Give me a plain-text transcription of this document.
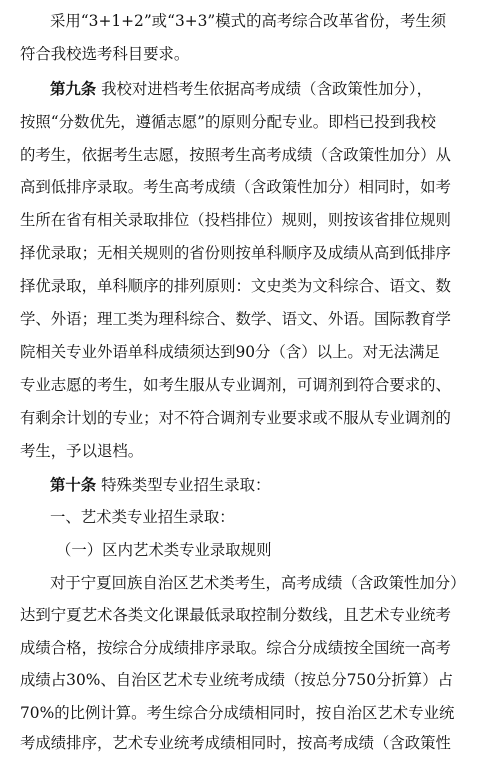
采用“3+1+2”或“3+3”模式的高考综合改革省份，考生须
符合我校选考科目要求。
第九条 我校对进档考生依据高考成绩（含政策性加分），
按照“分数优先，遵循志愿”的原则分配专业。即档已投到我校
的考生，依据考生志愿，按照考生高考成绩（含政策性加分）从
高到低排序录取。考生高考成绩（含政策性加分）相同时，如考
生所在省有相关录取排位（投档排位）规则，则按该省排位规则
择优录取；无相关规则的省份则按单科顺序及成绩从高到低排序
择优录取，单科顺序的排列原则：文史类为文科综合、语文、数
学、外语；理工类为理科综合、数学、语文、外语。国际教育学
院相关专业外语单科成绩须达到90分（含）以上。对无法满足
专业志愿的考生，如考生服从专业调剂，可调剂到符合要求的、
有剩余计划的专业；对不符合调剂专业要求或不服从专业调剂的
考生，予以退档。
第十条 特殊类型专业招生录取：
一、艺术类专业招生录取：
（一）区内艺术类专业录取规则
对于宁夏回族自治区艺术类考生，高考成绩（含政策性加分）
达到宁夏艺术各类文化课最低录取控制分数线，且艺术专业统考
成绩合格，按综合分成绩排序录取。综合分成绩按全国统一高考
成绩占30%、自治区艺术专业统考成绩（按总分750分折算）占
70%的比例计算。考生综合分成绩相同时，按自治区艺术专业统
考成绩排序，艺术专业统考成绩相同时，按高考成绩（含政策性
